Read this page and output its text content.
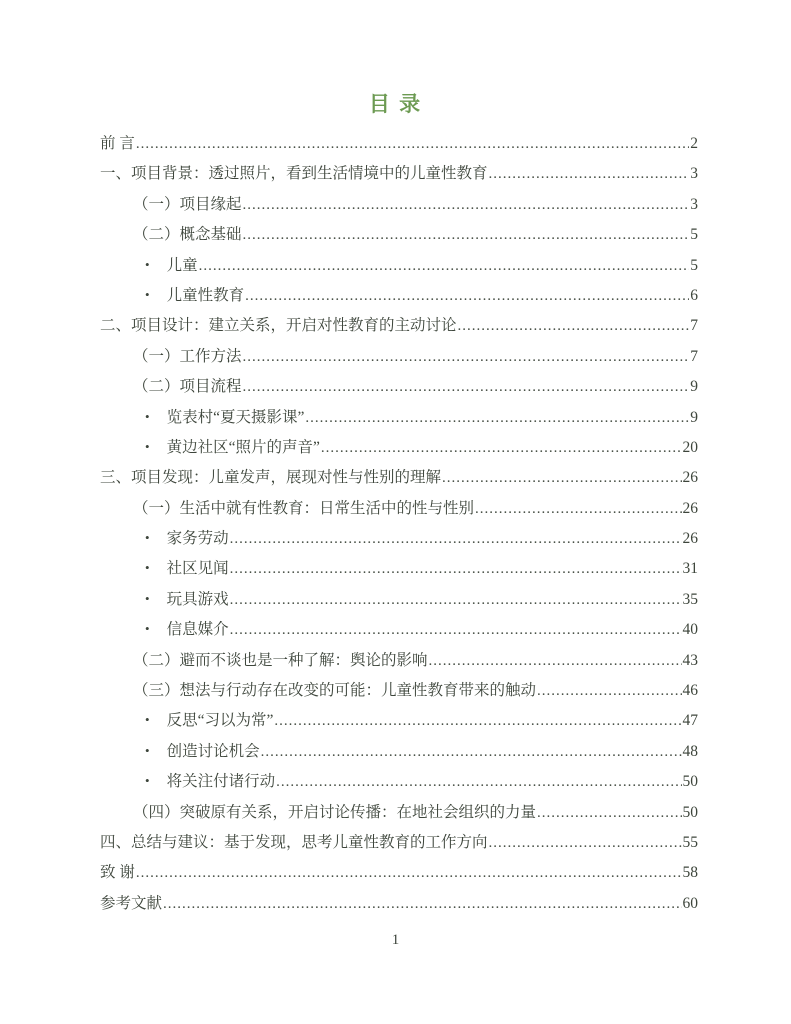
目 录
前 言 .....	2
一、项目背景：透过照片，看到生活情境中的儿童性教育 .....	3
（一）项目缘起 .....	3
（二）概念基础 .....	5
• 儿童 .....	5
• 儿童性教育 .....	6
二、项目设计：建立关系，开启对性教育的主动讨论 .....	7
（一）工作方法 .....	7
（二）项目流程 .....	9
• 览表村“夏天摄影课” .....	9
• 黄边社区“照片的声音” .....	20
三、项目发现：儿童发声，展现对性与性别的理解 .....	26
（一）生活中就有性教育：日常生活中的性与性别 .....	26
• 家务劳动 .....	26
• 社区见闻 .....	31
• 玩具游戏 .....	35
• 信息媒介 .....	40
（二）避而不谈也是一种了解：舆论的影响 .....	43
（三）想法与行动存在改变的可能：儿童性教育带来的触动 .....	46
• 反思“习以为常” .....	47
• 创造讨论机会 .....	48
• 将关注付诸行动 .....	50
（四）突破原有关系，开启讨论传播：在地社会组织的力量 .....	50
四、总结与建议：基于发现，思考儿童性教育的工作方向 .....	55
致 谢 .....	58
参考文献 .....	60
1
